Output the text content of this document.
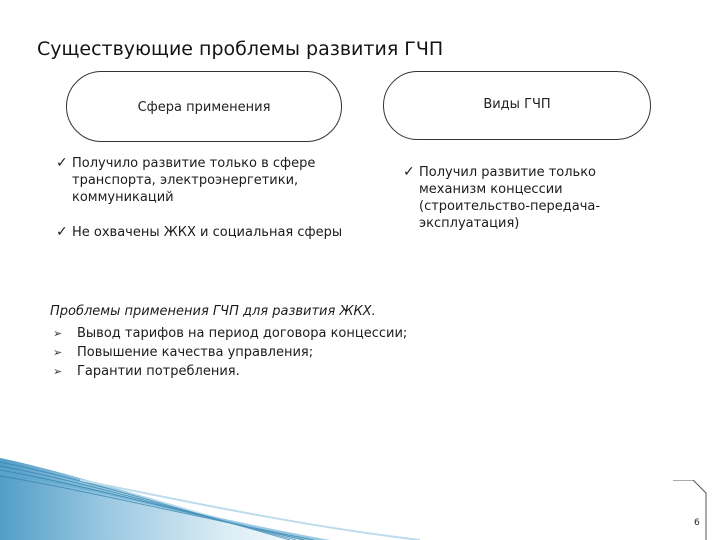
Существующие проблемы развития ГЧП
Сфера применения	Виды ГЧП
✓ Получило развитие только в сфере транспорта, электроэнергетики, коммуникаций
✓ Не охвачены ЖКХ и социальная сферы
✓ Получил развитие только механизм концессии (строительство-передача-эксплуатация)
Проблемы применения ГЧП для развития ЖКХ.
➢ Вывод тарифов на период договора концессии;
➢ Повышение качества управления;
➢ Гарантии потребления.
6
